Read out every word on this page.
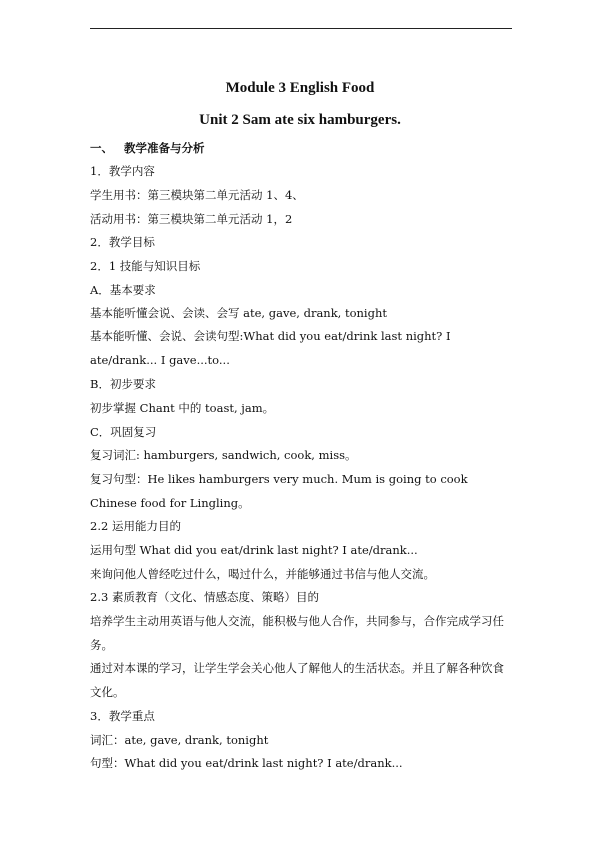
Module 3 English Food
Unit 2 Sam ate six hamburgers.
一、 教学准备与分析
1．教学内容
学生用书：第三模块第二单元活动 1、4、
活动用书：第三模块第二单元活动 1，2
2．教学目标
2．1 技能与知识目标
A．基本要求
基本能听懂会说、会读、会写 ate, gave, drank, tonight
基本能听懂、会说、会读句型:What did you eat/drink last night? I ate/drank... I gave...to...
B．初步要求
初步掌握 Chant 中的 toast, jam。
C．巩固复习
复习词汇: hamburgers, sandwich, cook, miss。
复习句型：He likes hamburgers very much. Mum is going to cook Chinese food for Lingling。
2.2 运用能力目的
运用句型 What did you eat/drink last night? I ate/drank...
来询问他人曾经吃过什么，喝过什么，并能够通过书信与他人交流。
2.3 素质教育（文化、情感态度、策略）目的
培养学生主动用英语与他人交流，能积极与他人合作，共同参与，合作完成学习任务。
通过对本课的学习，让学生学会关心他人了解他人的生活状态。并且了解各种饮食文化。
3．教学重点
词汇：ate, gave, drank, tonight
句型：What did you eat/drink last night? I ate/drank...
